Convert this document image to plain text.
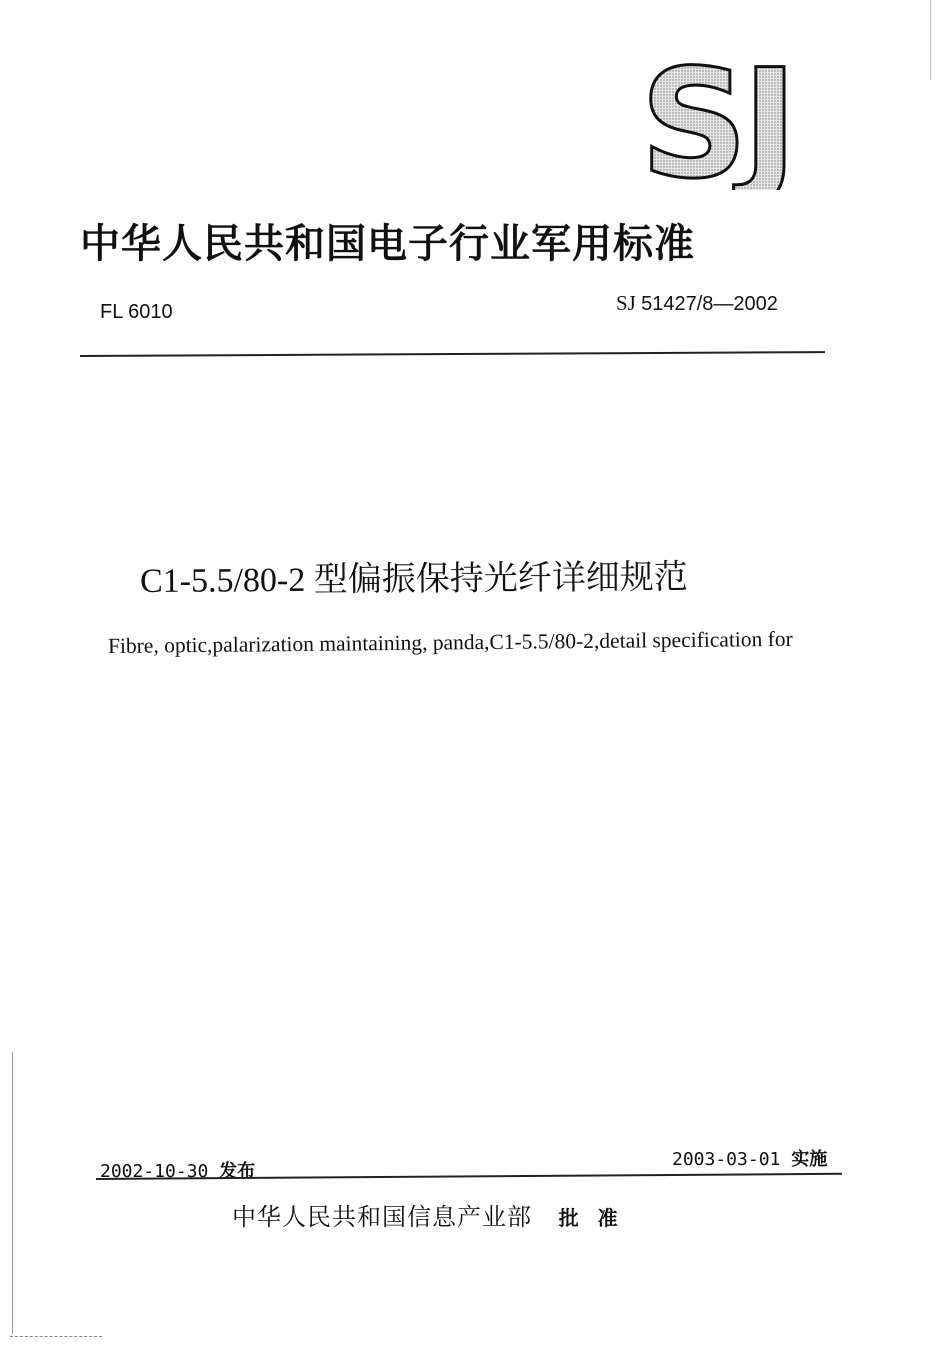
SJ
中华人民共和国电子行业军用标准
FL 6010	SJ 51427/8—2002
C1-5.5/80-2 型偏振保持光纤详细规范
Fibre, optic,palarization maintaining, panda,C1-5.5/80-2,detail specification for
2002-10-30 发布
2003-03-01 实施
中华人民共和国信息产业部 批 准
